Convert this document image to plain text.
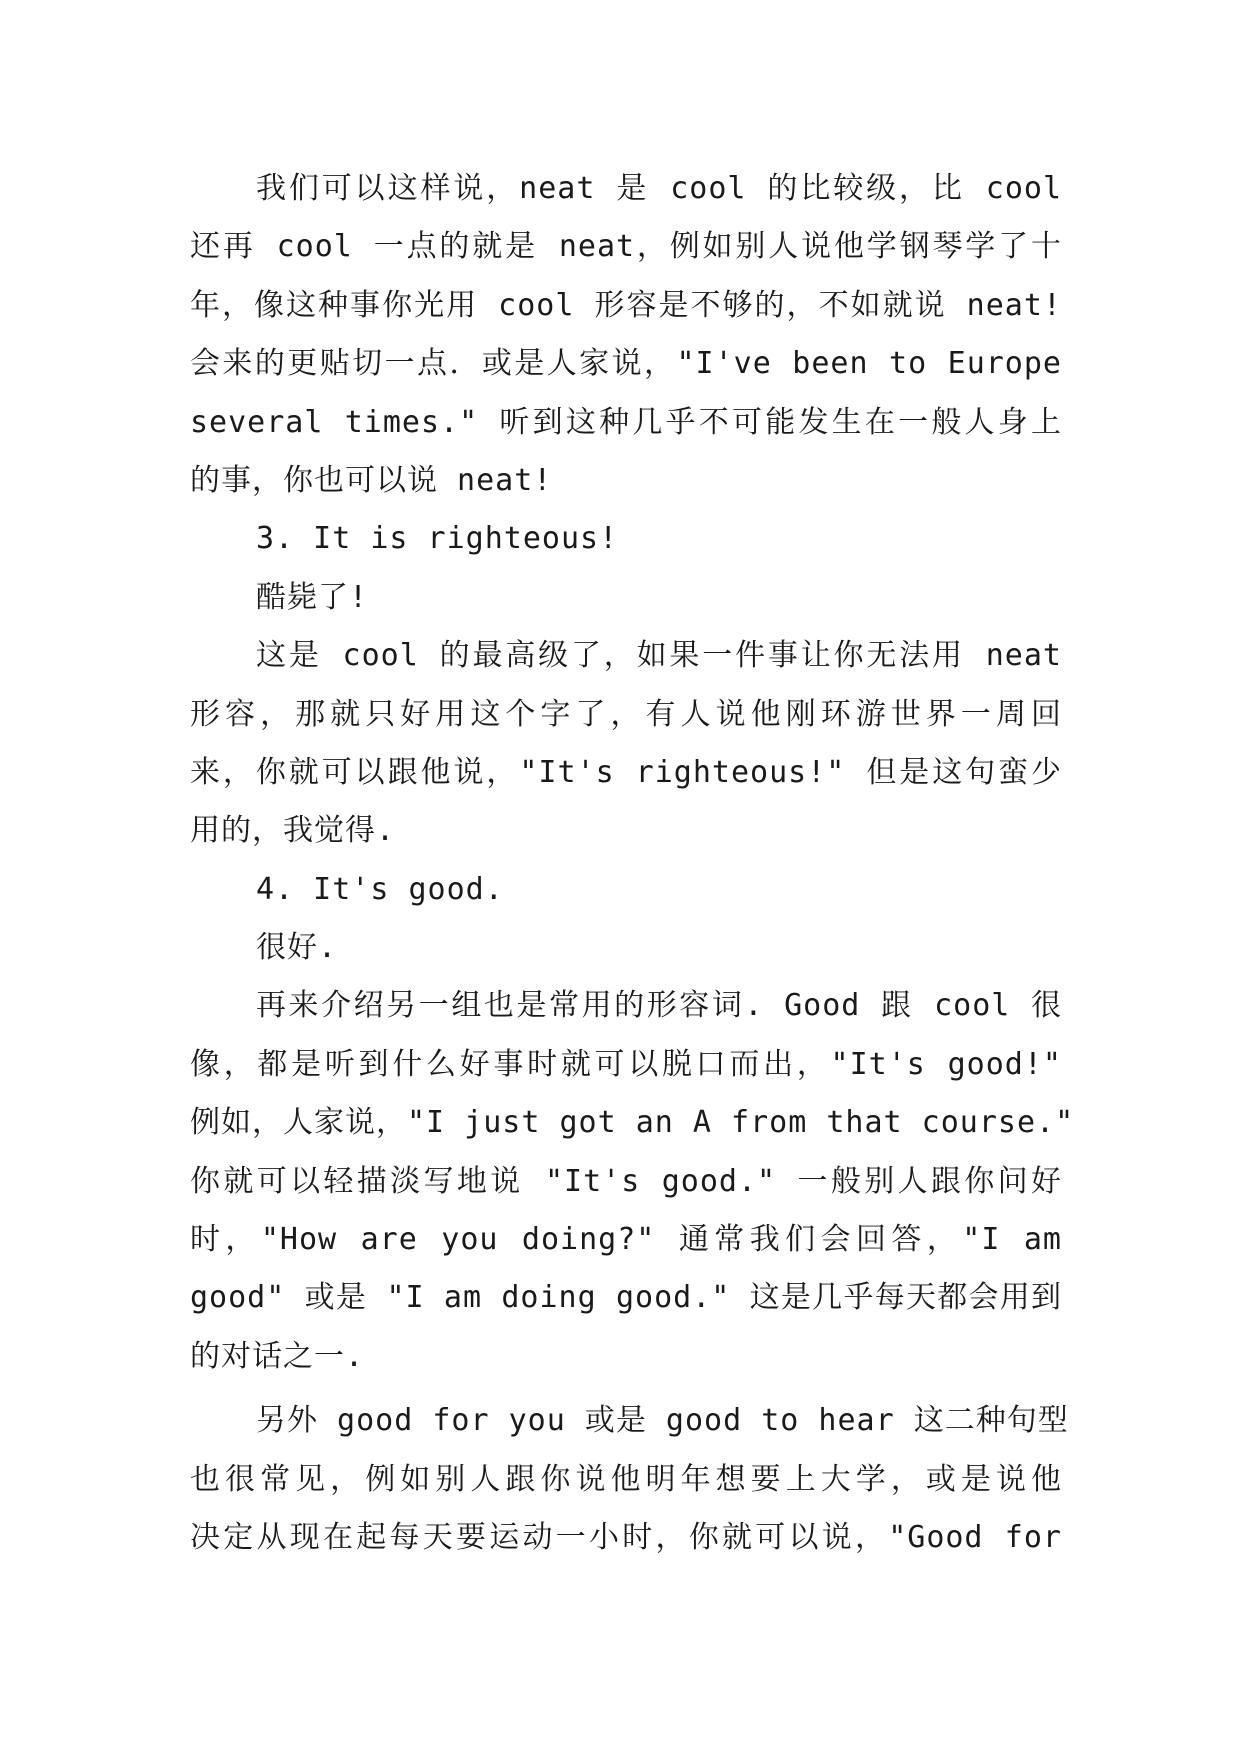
我们可以这样说，neat 是 cool 的比较级，比 cool
还再 cool 一点的就是 neat，例如别人说他学钢琴学了十
年，像这种事你光用 cool 形容是不够的，不如就说 neat!
会来的更贴切一点．或是人家说，"I've been to Europe
several times." 听到这种几乎不可能发生在一般人身上
的事，你也可以说 neat!
3. It is righteous!
酷毙了!
这是 cool 的最高级了，如果一件事让你无法用 neat
形容，那就只好用这个字了，有人说他刚环游世界一周回
来，你就可以跟他说，"It's righteous!" 但是这句蛮少
用的，我觉得.
4. It's good.
很好.
再来介绍另一组也是常用的形容词. Good 跟 cool 很
像，都是听到什么好事时就可以脱口而出，"It's good!"
例如，人家说，"I just got an A from that course."
你就可以轻描淡写地说 "It's good." 一般别人跟你问好
时，"How are you doing?" 通常我们会回答，"I am
good" 或是 "I am doing good." 这是几乎每天都会用到
的对话之一.
另外 good for you 或是 good to hear 这二种句型
也很常见，例如别人跟你说他明年想要上大学，或是说他
决定从现在起每天要运动一小时，你就可以说，"Good for
